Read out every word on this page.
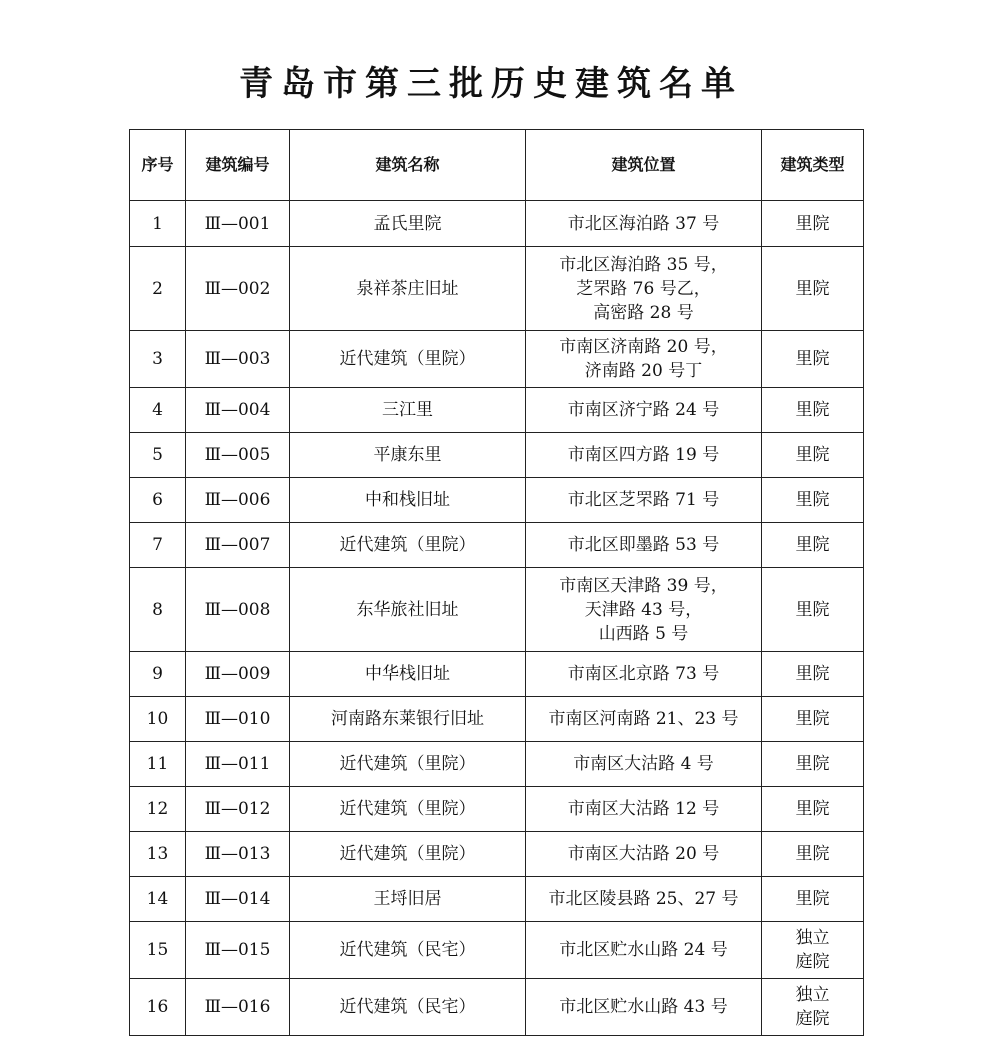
青岛市第三批历史建筑名单
序号	建筑编号	建筑名称	建筑位置	建筑类型
1	Ⅲ—001	孟氏里院	市北区海泊路 37 号	里院

2	Ⅲ—002	泉祥茶庄旧址	市北区海泊路 35 号，
芝罘路 76 号乙，
高密路 28 号	里院

3	Ⅲ—003	近代建筑（里院）	市南区济南路 20 号，
济南路 20 号丁	里院

4	Ⅲ—004	三江里	市南区济宁路 24 号	里院

5	Ⅲ—005	平康东里	市南区四方路 19 号	里院

6	Ⅲ—006	中和栈旧址	市北区芝罘路 71 号	里院

7	Ⅲ—007	近代建筑（里院）	市北区即墨路 53 号	里院

8	Ⅲ—008	东华旅社旧址	市南区天津路 39 号，
天津路 43 号，
山西路 5 号	里院

9	Ⅲ—009	中华栈旧址	市南区北京路 73 号	里院

10	Ⅲ—010	河南路东莱银行旧址	市南区河南路 21、23 号	里院

11	Ⅲ—011	近代建筑（里院）	市南区大沽路 4 号	里院

12	Ⅲ—012	近代建筑（里院）	市南区大沽路 12 号	里院

13	Ⅲ—013	近代建筑（里院）	市南区大沽路 20 号	里院

14	Ⅲ—014	王埒旧居	市北区陵县路 25、27 号	里院

15	Ⅲ—015	近代建筑（民宅）	市北区贮水山路 24 号	独立
庭院

16	Ⅲ—016	近代建筑（民宅）	市北区贮水山路 43 号	独立
庭院
